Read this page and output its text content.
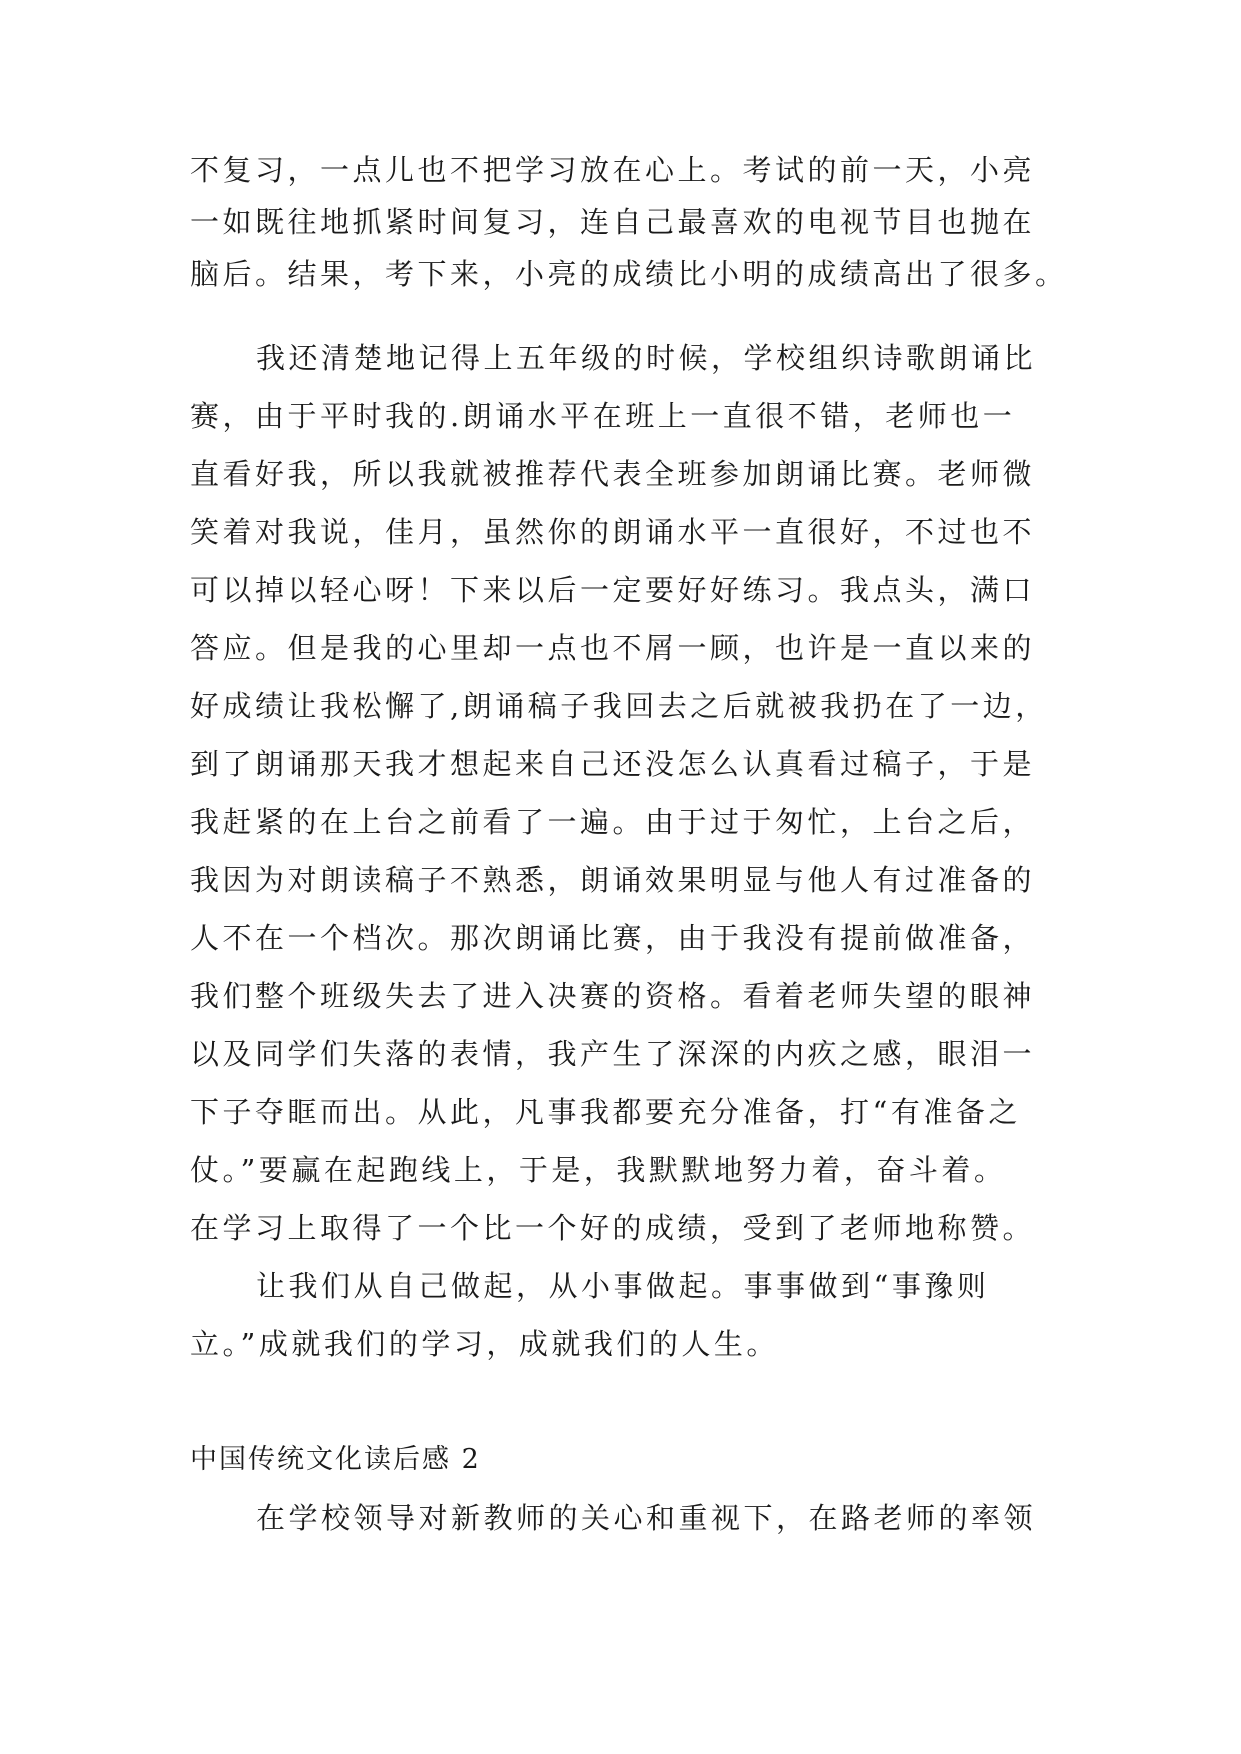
不复习，一点儿也不把学习放在心上。考试的前一天，小亮
一如既往地抓紧时间复习，连自己最喜欢的电视节目也抛在
脑后。结果，考下来，小亮的成绩比小明的成绩高出了很多。
我还清楚地记得上五年级的时候，学校组织诗歌朗诵比
赛，由于平时我的.朗诵水平在班上一直很不错，老师也一
直看好我，所以我就被推荐代表全班参加朗诵比赛。老师微
笑着对我说，佳月，虽然你的朗诵水平一直很好，不过也不
可以掉以轻心呀！下来以后一定要好好练习。我点头，满口
答应。但是我的心里却一点也不屑一顾，也许是一直以来的
好成绩让我松懈了,朗诵稿子我回去之后就被我扔在了一边，
到了朗诵那天我才想起来自己还没怎么认真看过稿子，于是
我赶紧的在上台之前看了一遍。由于过于匆忙，上台之后，
我因为对朗读稿子不熟悉，朗诵效果明显与他人有过准备的
人不在一个档次。那次朗诵比赛，由于我没有提前做准备，
我们整个班级失去了进入决赛的资格。看着老师失望的眼神
以及同学们失落的表情，我产生了深深的内疚之感，眼泪一
下子夺眶而出。从此，凡事我都要充分准备，打“有准备之
仗。”要赢在起跑线上，于是，我默默地努力着，奋斗着。
在学习上取得了一个比一个好的成绩，受到了老师地称赞。
让我们从自己做起，从小事做起。事事做到“事豫则
立。”成就我们的学习，成就我们的人生。
中国传统文化读后感 2
在学校领导对新教师的关心和重视下，在路老师的率领
